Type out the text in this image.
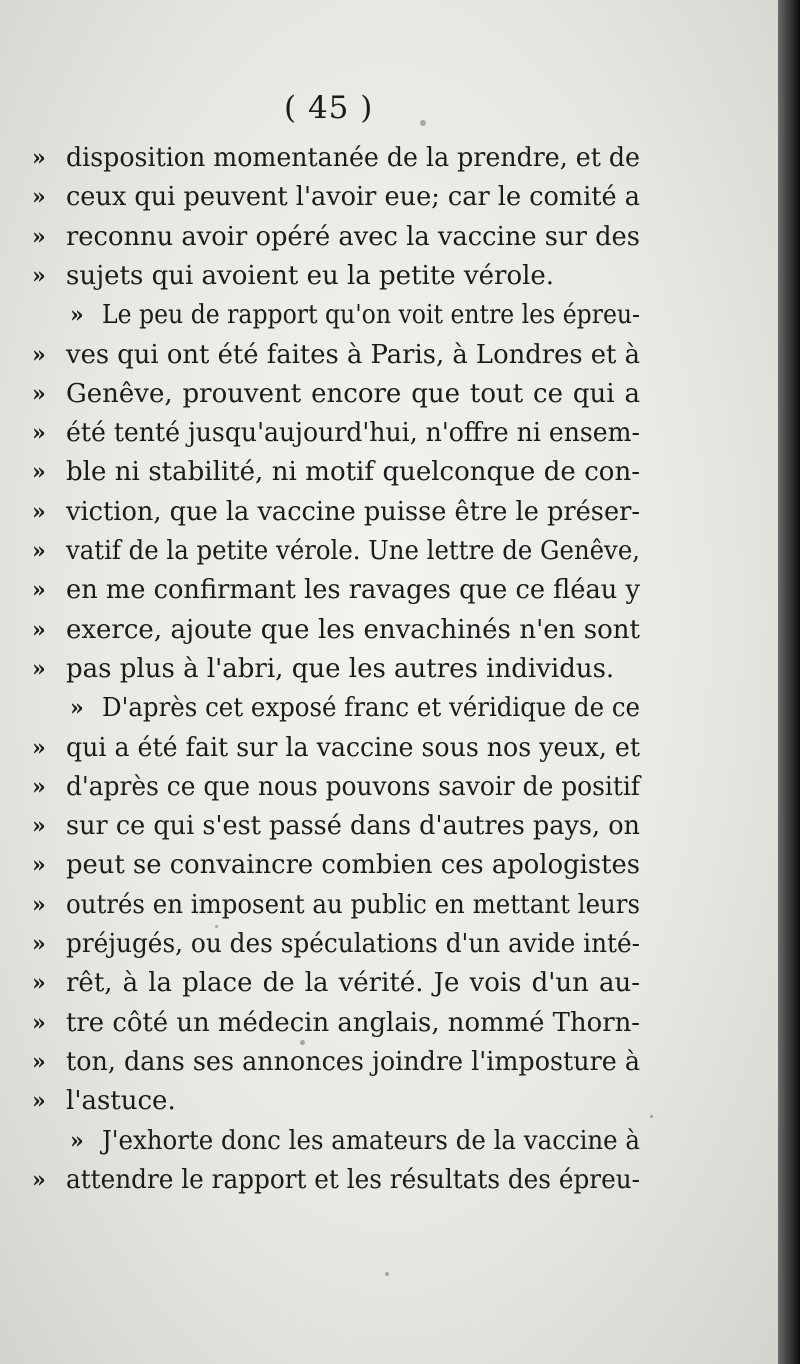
( 45 )
» disposition momentanée de la prendre, et de
» ceux qui peuvent l'avoir eue; car le comité a
» reconnu avoir opéré avec la vaccine sur des
» sujets qui avoient eu la petite vérole.
» Le peu de rapport qu'on voit entre les épreu-
» ves qui ont été faites à Paris, à Londres et à
» Genêve, prouvent encore que tout ce qui a
» été tenté jusqu'aujourd'hui, n'offre ni ensem-
» ble ni stabilité, ni motif quelconque de con-
» viction, que la vaccine puisse être le préser-
» vatif de la petite vérole. Une lettre de Genêve,
» en me confirmant les ravages que ce fléau y
» exerce, ajoute que les envachinés n'en sont
» pas plus à l'abri, que les autres individus.
» D'après cet exposé franc et véridique de ce
» qui a été fait sur la vaccine sous nos yeux, et
» d'après ce que nous pouvons savoir de positif
» sur ce qui s'est passé dans d'autres pays, on
» peut se convaincre combien ces apologistes
» outrés en imposent au public en mettant leurs
» préjugés, ou des spéculations d'un avide inté-
» rêt, à la place de la vérité. Je vois d'un au-
» tre côté un médecin anglais, nommé Thorn-
» ton, dans ses annonces joindre l'imposture à
» l'astuce.
» J'exhorte donc les amateurs de la vaccine à
» attendre le rapport et les résultats des épreu-
